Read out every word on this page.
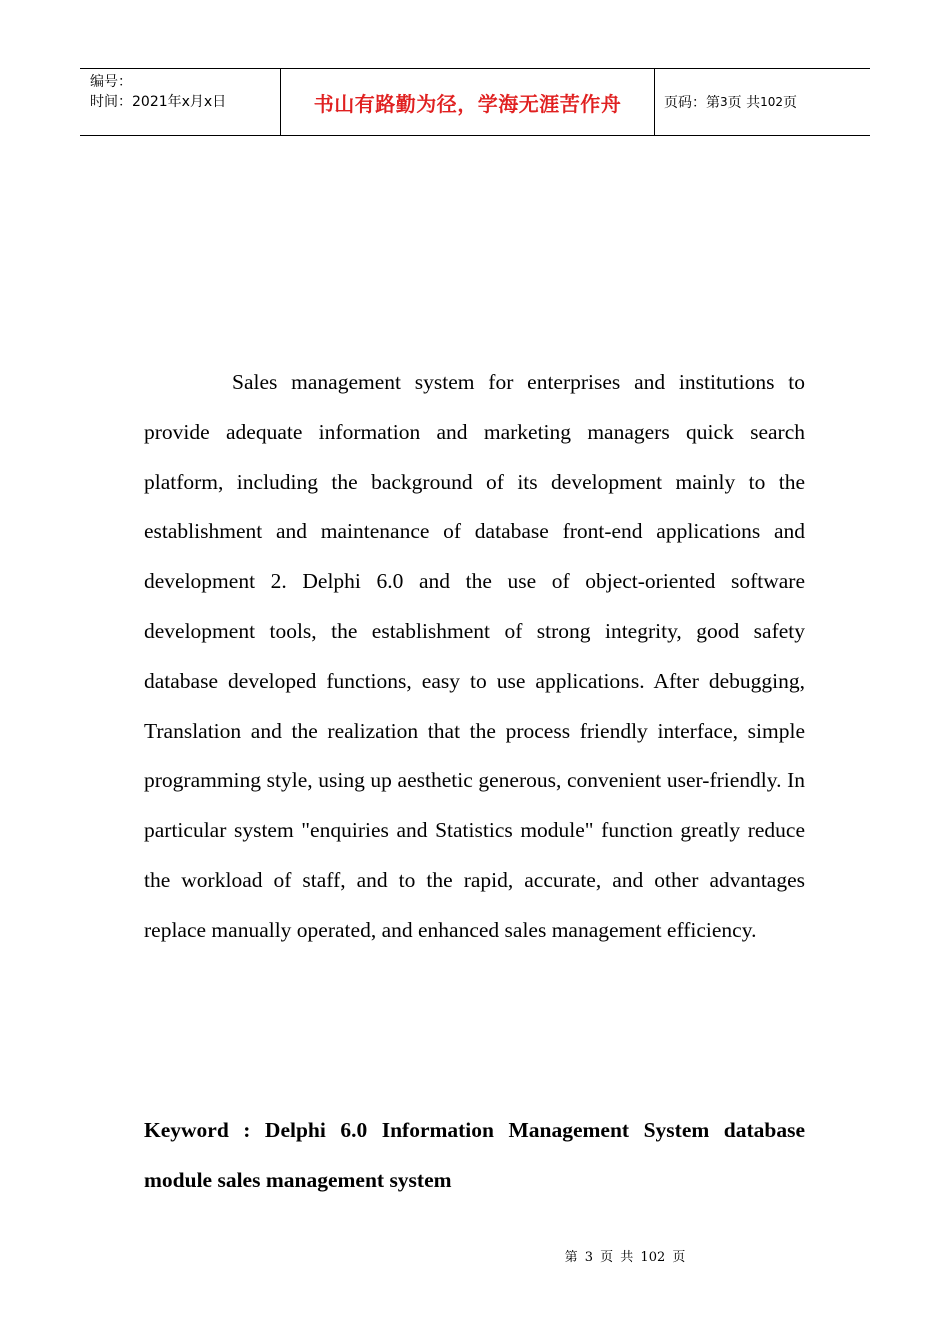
编号：
时间：2021年x月x日	书山有路勤为径，学海无涯苦作舟	页码：第 3 页 共 102 页

Sales management system for enterprises and institutions to provide adequate information and marketing managers quick search platform, including the background of its development mainly to the establishment and maintenance of database front-end applications and development 2. Delphi 6.0 and the use of object-oriented software development tools, the establishment of strong integrity, good safety database developed functions, easy to use applications. After debugging, Translation and the realization that the process friendly interface, simple programming style, using up aesthetic generous, convenient user-friendly. In particular system "enquiries and Statistics module" function greatly reduce the workload of staff, and to the rapid, accurate, and other advantages replace manually operated, and enhanced sales management efficiency.

Keyword : Delphi 6.0 Information Management System database module sales management system

第 3 页 共 102 页
